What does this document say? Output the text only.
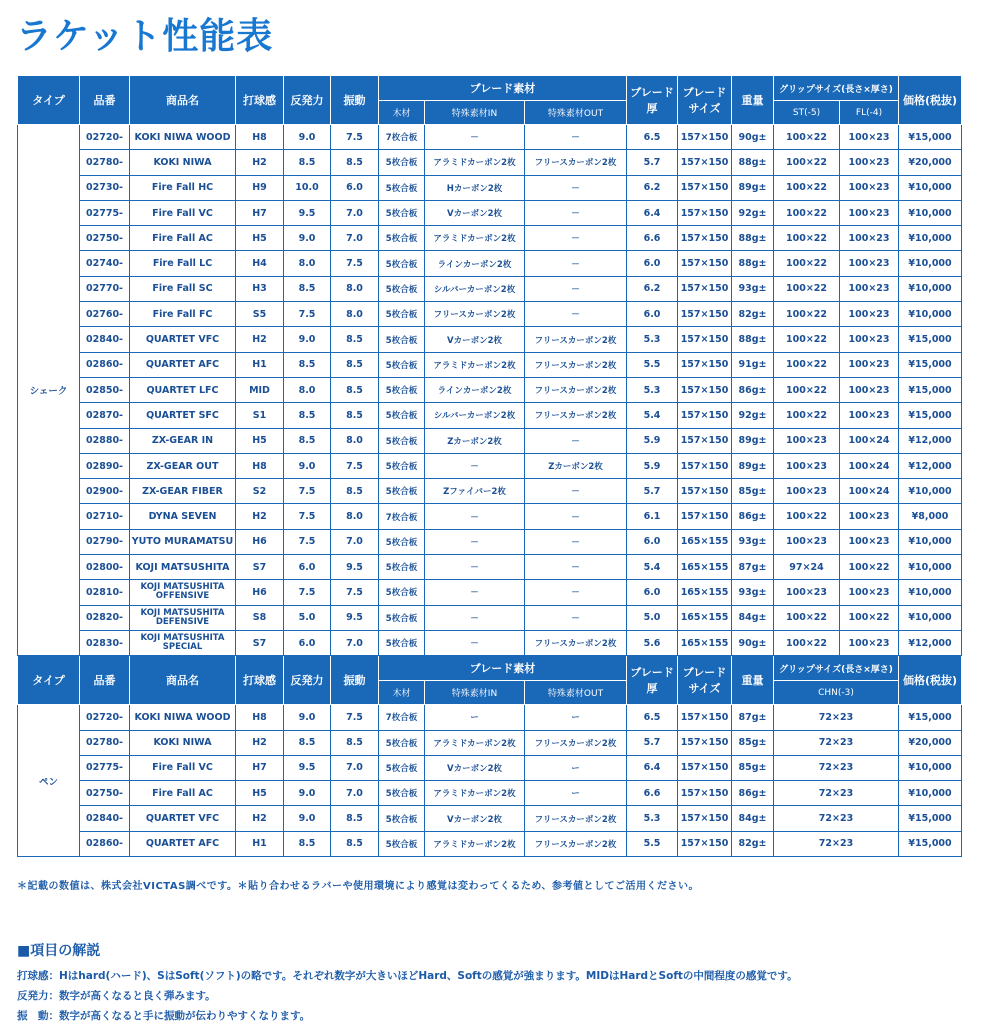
ラケット性能表
タイプ	品番	商品名	打球感	反発力	振動	ブレード素材			ブレード厚	ブレードサイズ	重量	グリップサイズ(長さ×厚さ)		価格(税抜)
						木材	特殊素材IN	特殊素材OUT				ST(-5)	FL(-4)	
シェーク	02720-	KOKI NIWA WOOD	H8	9.0	7.5	7枚合板	－	－	6.5	157×150	90g±	100×22	100×23	¥15,000
	02780-	KOKI NIWA	H2	8.5	8.5	5枚合板	アラミドカーボン2枚	フリースカーボン2枚	5.7	157×150	88g±	100×22	100×23	¥20,000
	02730-	Fire Fall HC	H9	10.0	6.0	5枚合板	Hカーボン2枚	－	6.2	157×150	89g±	100×22	100×23	¥10,000
	02775-	Fire Fall VC	H7	9.5	7.0	5枚合板	Vカーボン2枚	－	6.4	157×150	92g±	100×22	100×23	¥10,000
	02750-	Fire Fall AC	H5	9.0	7.0	5枚合板	アラミドカーボン2枚	－	6.6	157×150	88g±	100×22	100×23	¥10,000
	02740-	Fire Fall LC	H4	8.0	7.5	5枚合板	ラインカーボン2枚	－	6.0	157×150	88g±	100×22	100×23	¥10,000
	02770-	Fire Fall SC	H3	8.5	8.0	5枚合板	シルバーカーボン2枚	－	6.2	157×150	93g±	100×22	100×23	¥10,000
	02760-	Fire Fall FC	S5	7.5	8.0	5枚合板	フリースカーボン2枚	－	6.0	157×150	82g±	100×22	100×23	¥10,000
	02840-	QUARTET VFC	H2	9.0	8.5	5枚合板	Vカーボン2枚	フリースカーボン2枚	5.3	157×150	88g±	100×22	100×23	¥15,000
	02860-	QUARTET AFC	H1	8.5	8.5	5枚合板	アラミドカーボン2枚	フリースカーボン2枚	5.5	157×150	91g±	100×22	100×23	¥15,000
	02850-	QUARTET LFC	MID	8.0	8.5	5枚合板	ラインカーボン2枚	フリースカーボン2枚	5.3	157×150	86g±	100×22	100×23	¥15,000
	02870-	QUARTET SFC	S1	8.5	8.5	5枚合板	シルバーカーボン2枚	フリースカーボン2枚	5.4	157×150	92g±	100×22	100×23	¥15,000
	02880-	ZX-GEAR IN	H5	8.5	8.0	5枚合板	Zカーボン2枚	－	5.9	157×150	89g±	100×23	100×24	¥12,000
	02890-	ZX-GEAR OUT	H8	9.0	7.5	5枚合板	－	Zカーボン2枚	5.9	157×150	89g±	100×23	100×24	¥12,000
	02900-	ZX-GEAR FIBER	S2	7.5	8.5	5枚合板	Zファイバー2枚	－	5.7	157×150	85g±	100×23	100×24	¥10,000
	02710-	DYNA SEVEN	H2	7.5	8.0	7枚合板	－	－	6.1	157×150	86g±	100×22	100×23	¥8,000
	02790-	YUTO MURAMATSU	H6	7.5	7.0	5枚合板	－	－	6.0	165×155	93g±	100×23	100×23	¥10,000
	02800-	KOJI MATSUSHITA	S7	6.0	9.5	5枚合板	－	－	5.4	165×155	87g±	97×24	100×22	¥10,000
	02810-	KOJI MATSUSHITA OFFENSIVE	H6	7.5	7.5	5枚合板	－	－	6.0	165×155	93g±	100×23	100×23	¥10,000
	02820-	KOJI MATSUSHITA DEFENSIVE	S8	5.0	9.5	5枚合板	－	－	5.0	165×155	84g±	100×22	100×22	¥10,000
	02830-	KOJI MATSUSHITA SPECIAL	S7	6.0	7.0	5枚合板	－	フリースカーボン2枚	5.6	165×155	90g±	100×22	100×23	¥12,000
タイプ	品番	商品名	打球感	反発力	振動	ブレード素材			ブレード厚	ブレードサイズ	重量	グリップサイズ(長さ×厚さ)		価格(税抜)
						木材	特殊素材IN	特殊素材OUT				CHN(-3)		
ペン	02720-	KOKI NIWA WOOD	H8	9.0	7.5	7枚合板	ー	ー	6.5	157×150	87g±	72×23		¥15,000
	02780-	KOKI NIWA	H2	8.5	8.5	5枚合板	アラミドカーボン2枚	フリースカーボン2枚	5.7	157×150	85g±	72×23		¥20,000
	02775-	Fire Fall VC	H7	9.5	7.0	5枚合板	Vカーボン2枚	ー	6.4	157×150	85g±	72×23		¥10,000
	02750-	Fire Fall AC	H5	9.0	7.0	5枚合板	アラミドカーボン2枚	ー	6.6	157×150	86g±	72×23		¥10,000
	02840-	QUARTET VFC	H2	9.0	8.5	5枚合板	Vカーボン2枚	フリースカーボン2枚	5.3	157×150	84g±	72×23		¥15,000
	02860-	QUARTET AFC	H1	8.5	8.5	5枚合板	アラミドカーボン2枚	フリースカーボン2枚	5.5	157×150	82g±	72×23		¥15,000

＊記載の数値は、株式会社VICTAS調べです。＊貼り合わせるラバーや使用環境により感覚は変わってくるため、参考値としてご活用ください。

■項目の解説
打球感：Hはhard(ハード)、SはSoft(ソフト)の略です。それぞれ数字が大きいほどHard、Softの感覚が強まります。MIDはHardとSoftの中間程度の感覚です。
反発力：数字が高くなると良く弾みます。
振　動：数字が高くなると手に振動が伝わりやすくなります。
